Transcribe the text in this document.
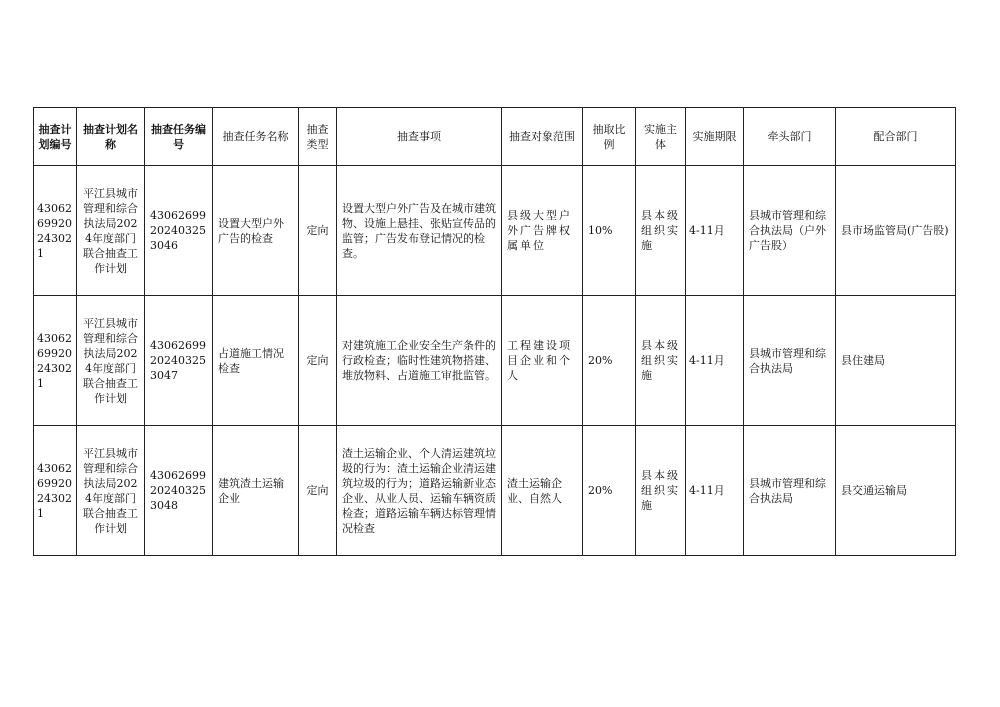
抽查计划编号	抽查计划名称	抽查任务编号	抽查任务名称	抽查类型	抽查事项	抽查对象范围	抽取比例	实施主体	实施期限	牵头部门	配合部门
430626992024302 1	平江县城市管理和综合执法局2024年度部门联合抽查工作计划	43062699202403253046	设置大型户外广告的检查	定向	设置大型户外广告及在城市建筑物、设施上悬挂、张贴宣传品的监管；广告发布登记情况的检查。	县级大型户外广告牌权属单位	10%	县本级组织实施	4-11月	县城市管理和综合执法局（户外广告股）	县市场监管局(广告股)
430626992024302 1	平江县城市管理和综合执法局2024年度部门联合抽查工作计划	43062699202403253047	占道施工情况检查	定向	对建筑施工企业安全生产条件的行政检查；临时性建筑物搭建、堆放物料、占道施工审批监管。	工程建设项目企业和个人	20%	县本级组织实施	4-11月	县城市管理和综合执法局	县住建局
430626992024302 1	平江县城市管理和综合执法局2024年度部门联合抽查工作计划	43062699202403253048	建筑渣土运输企业	定向	渣土运输企业、个人清运建筑垃圾的行为：渣土运输企业清运建筑垃圾的行为；道路运输新业态企业、从业人员、运输车辆资质检查；道路运输车辆达标管理情况检查	渣土运输企业、自然人	20%	县本级组织实施	4-11月	县城市管理和综合执法局	县交通运输局
